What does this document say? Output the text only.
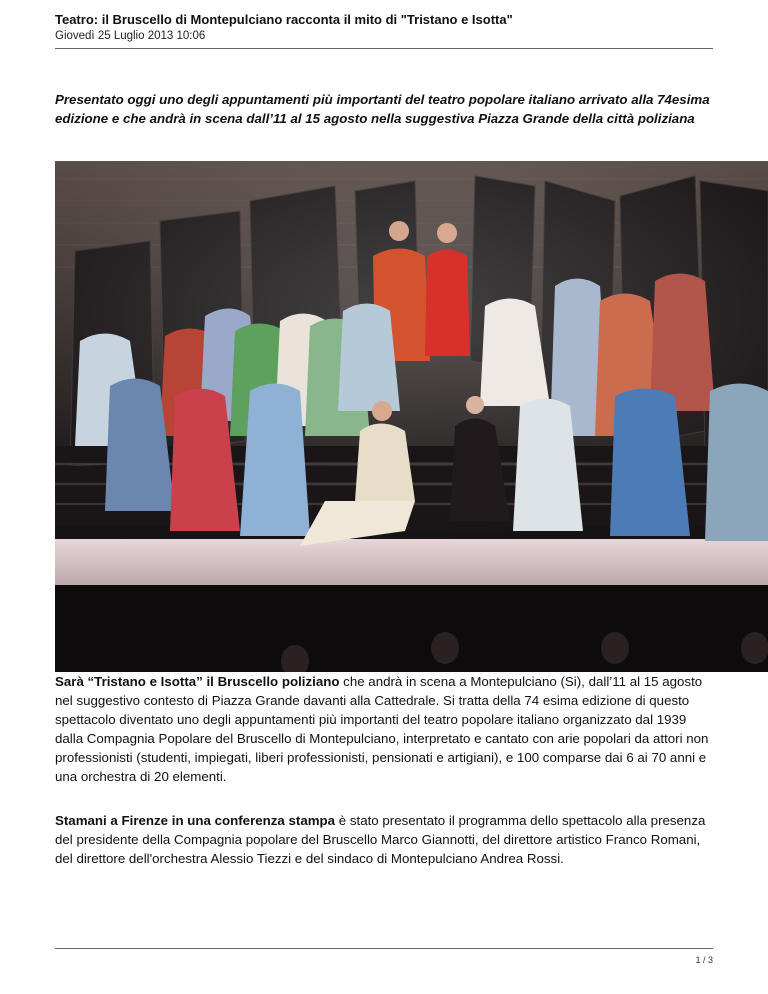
Teatro: il Bruscello di Montepulciano racconta il mito di "Tristano e Isotta"
Giovedì 25 Luglio 2013 10:06
Presentato oggi uno degli appuntamenti più importanti del teatro popolare italiano arrivato alla 74esima edizione e che andrà in scena dall’11 al 15 agosto nella suggestiva Piazza Grande della città poliziana
Sarà “Tristano e Isotta” il Bruscello poliziano che andrà in scena a Montepulciano (Si), dall’11 al 15 agosto nel suggestivo contesto di Piazza Grande davanti alla Cattedrale. Si tratta della 74 esima edizione di questo spettacolo diventato uno degli appuntamenti più importanti del teatro popolare italiano organizzato dal 1939 dalla Compagnia Popolare del Bruscello di Montepulciano, interpretato e cantato con arie popolari da attori non professionisti (studenti, impiegati, liberi professionisti, pensionati e artigiani), e 100 comparse dai 6 ai 70 anni e una orchestra di 20 elementi.
Stamani a Firenze in una conferenza stampa è stato presentato il programma dello spettacolo alla presenza del presidente della Compagnia popolare del Bruscello Marco Giannotti, del direttore artistico Franco Romani, del direttore dell'orchestra Alessio Tiezzi e del sindaco di Montepulciano Andrea Rossi.
1 / 3
